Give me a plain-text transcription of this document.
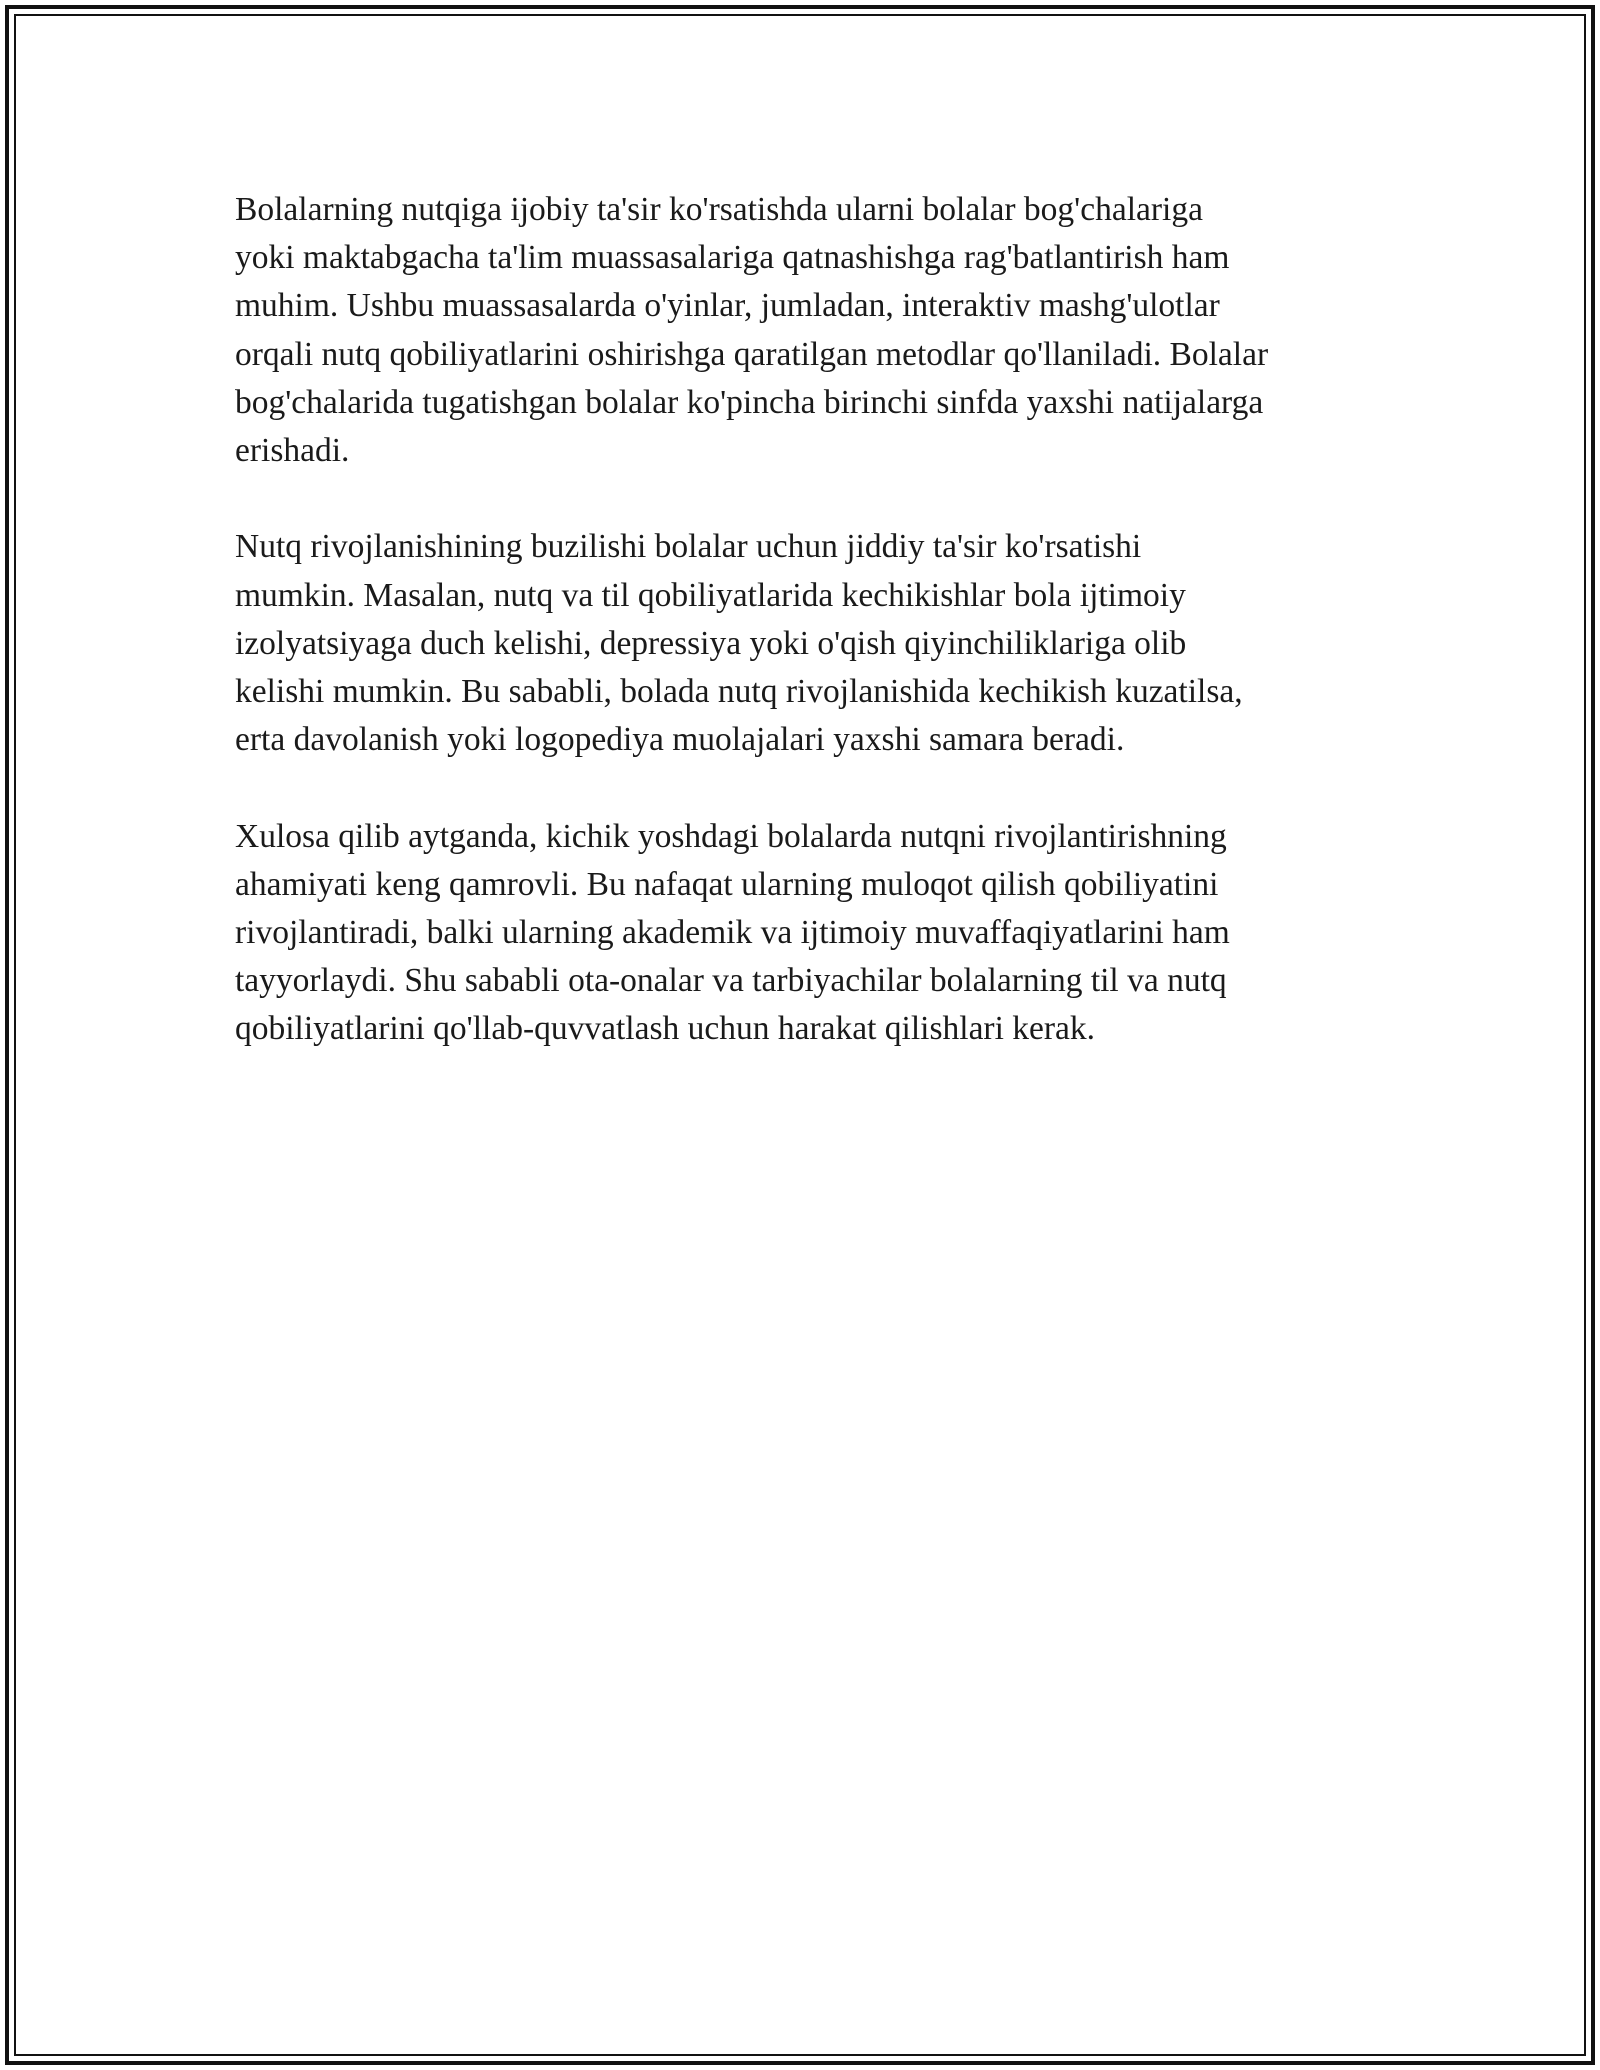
Bolalarning nutqiga ijobiy ta'sir ko'rsatishda ularni bolalar bog'chalariga
yoki maktabgacha ta'lim muassasalariga qatnashishga rag'batlantirish ham
muhim. Ushbu muassasalarda o'yinlar, jumladan, interaktiv mashg'ulotlar
orqali nutq qobiliyatlarini oshirishga qaratilgan metodlar qo'llaniladi. Bolalar
bog'chalarida tugatishgan bolalar ko'pincha birinchi sinfda yaxshi natijalarga
erishadi.

Nutq rivojlanishining buzilishi bolalar uchun jiddiy ta'sir ko'rsatishi
mumkin. Masalan, nutq va til qobiliyatlarida kechikishlar bola ijtimoiy
izolyatsiyaga duch kelishi, depressiya yoki o'qish qiyinchiliklariga olib
kelishi mumkin. Bu sababli, bolada nutq rivojlanishida kechikish kuzatilsa,
erta davolanish yoki logopediya muolajalari yaxshi samara beradi.

Xulosa qilib aytganda, kichik yoshdagi bolalarda nutqni rivojlantirishning
ahamiyati keng qamrovli. Bu nafaqat ularning muloqot qilish qobiliyatini
rivojlantiradi, balki ularning akademik va ijtimoiy muvaffaqiyatlarini ham
tayyorlaydi. Shu sababli ota-onalar va tarbiyachilar bolalarning til va nutq
qobiliyatlarini qo'llab-quvvatlash uchun harakat qilishlari kerak.
